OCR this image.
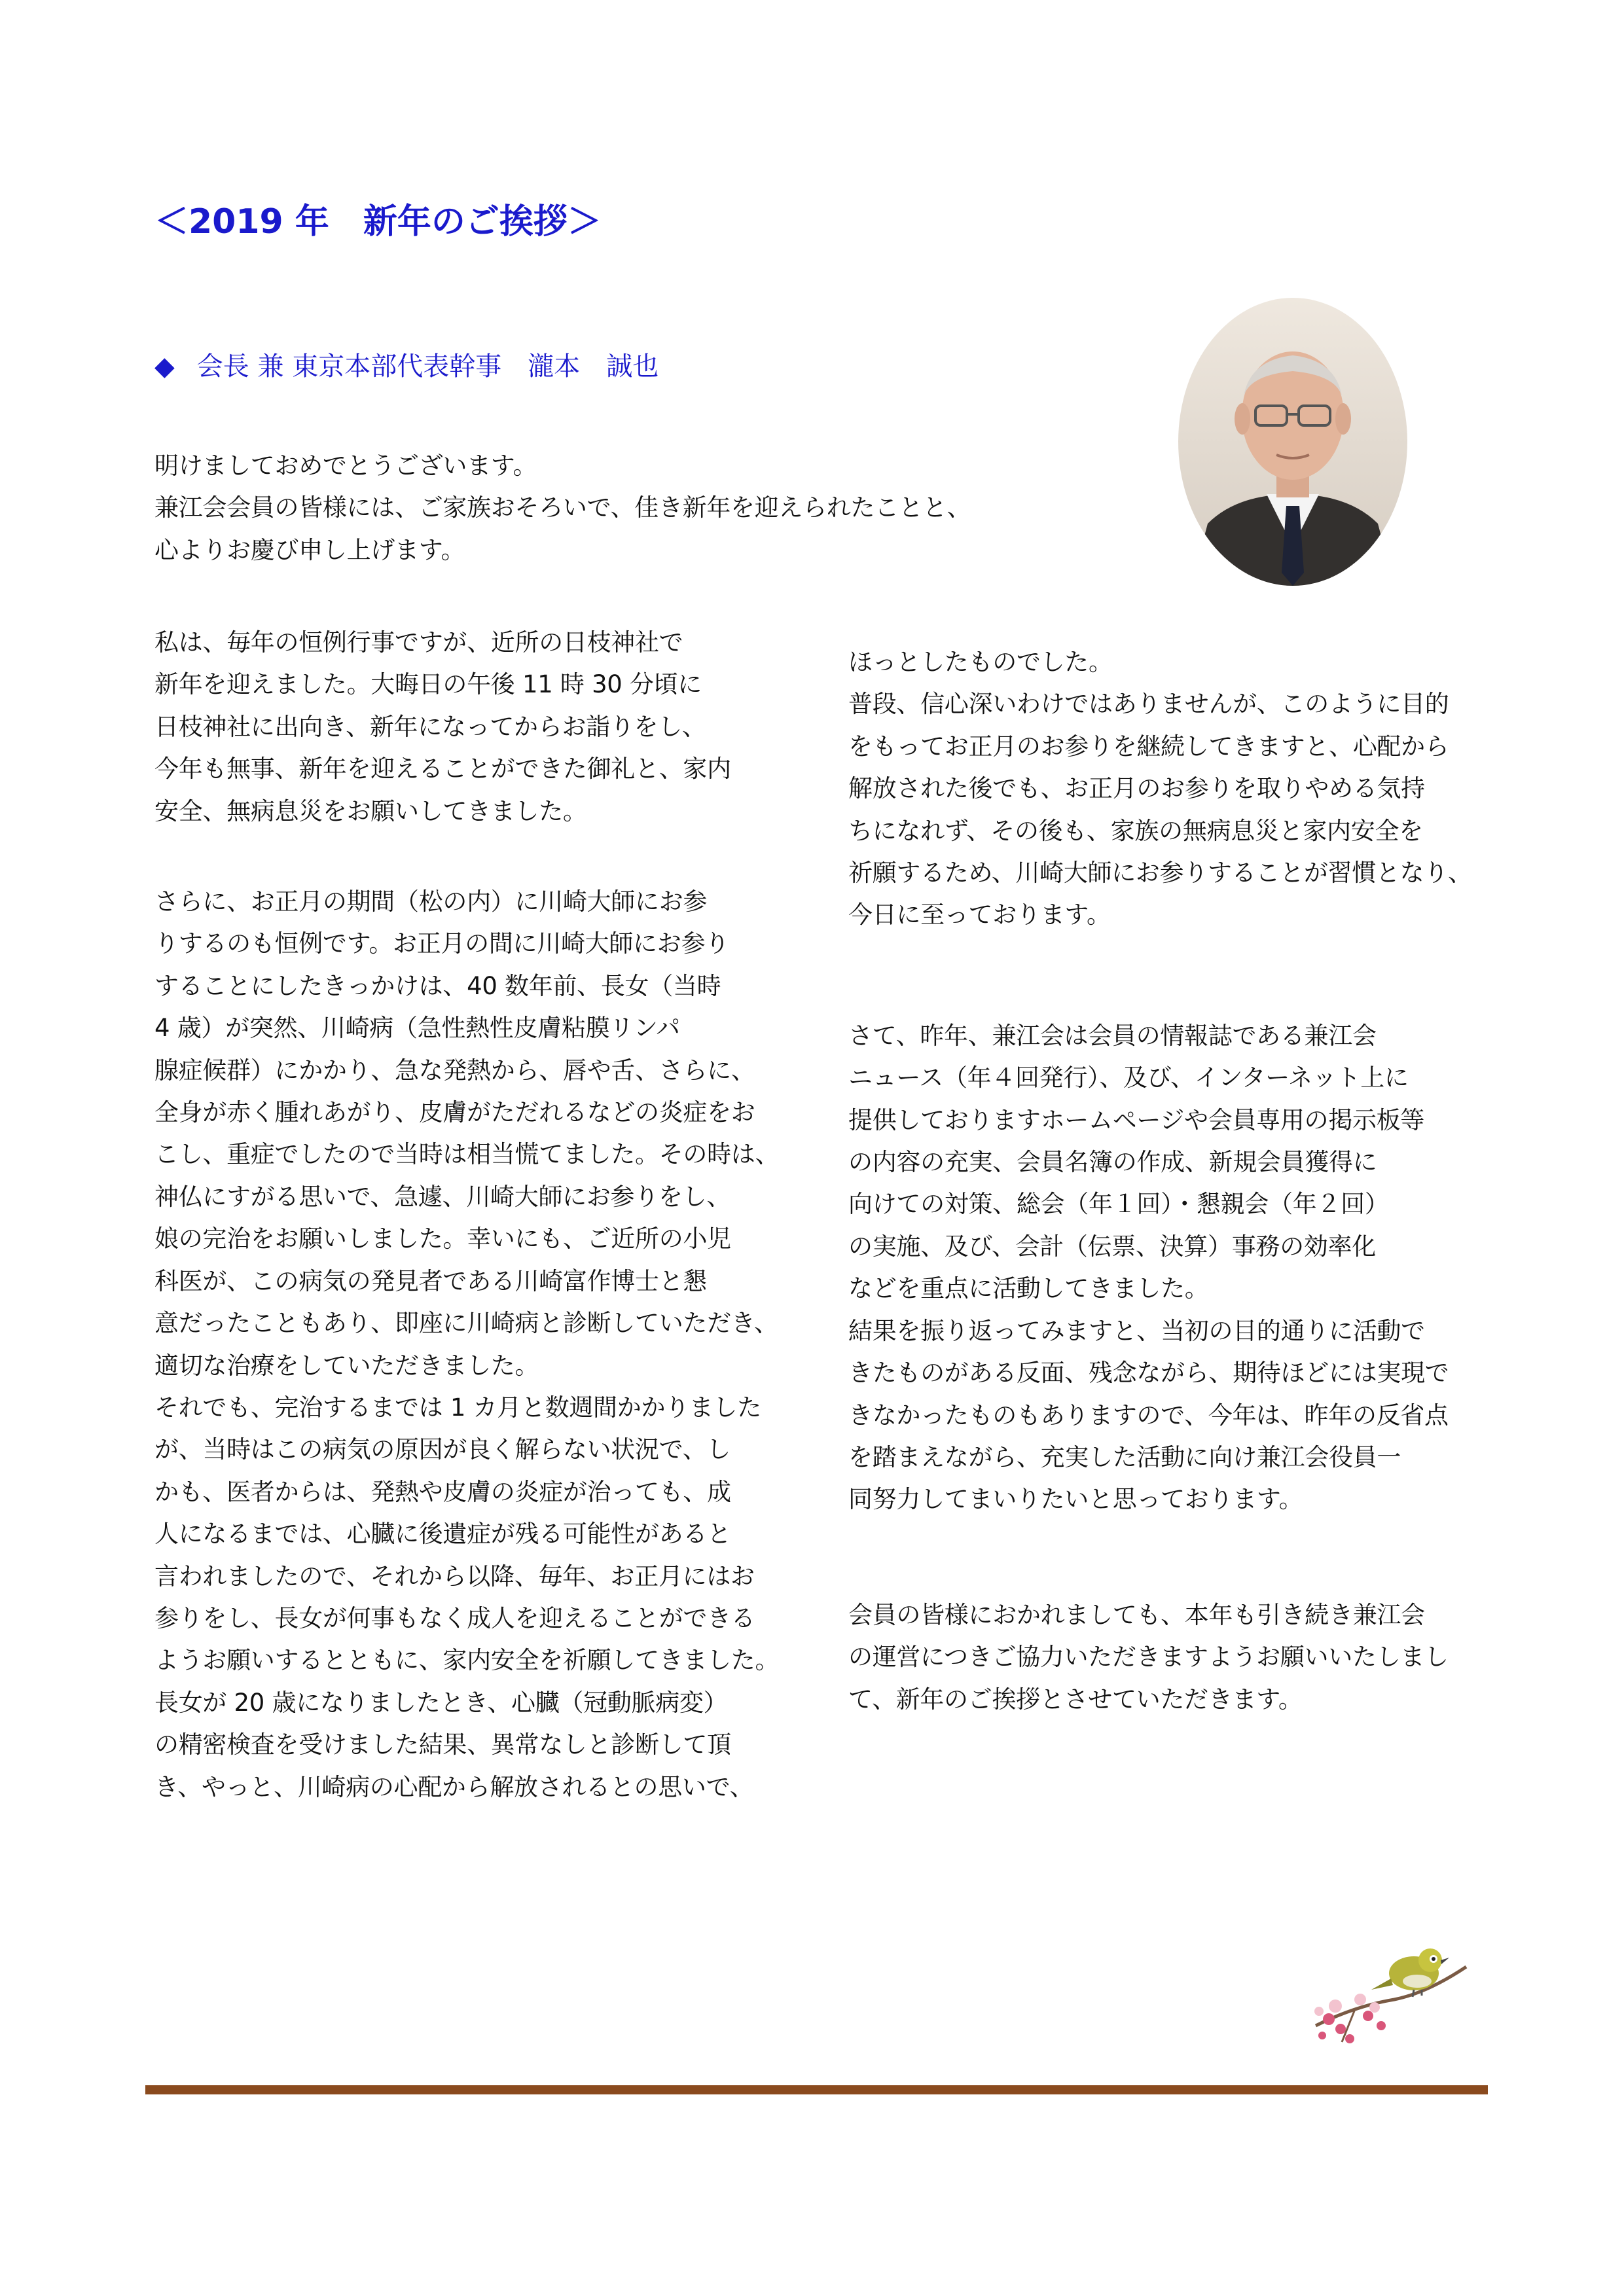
＜2019 年　新年のご挨拶＞
◆ 会長 兼 東京本部代表幹事　瀧本　誠也
明けましておめでとうございます。
兼江会会員の皆様には、ご家族おそろいで、佳き新年を迎えられたことと、
心よりお慶び申し上げます。

私は、毎年の恒例行事ですが、近所の日枝神社で
新年を迎えました。大晦日の午後 11 時 30 分頃に
日枝神社に出向き、新年になってからお詣りをし、
今年も無事、新年を迎えることができた御礼と、家内
安全、無病息災をお願いしてきました。

さらに、お正月の期間（松の内）に川崎大師にお参
りするのも恒例です。お正月の間に川崎大師にお参り
することにしたきっかけは、40 数年前、長女（当時
4 歳）が突然、川崎病（急性熱性皮膚粘膜リンパ
腺症候群）にかかり、急な発熱から、唇や舌、さらに、
全身が赤く腫れあがり、皮膚がただれるなどの炎症をお
こし、重症でしたので当時は相当慌てました。その時は、
神仏にすがる思いで、急遽、川崎大師にお参りをし、
娘の完治をお願いしました。幸いにも、ご近所の小児
科医が、この病気の発見者である川崎富作博士と懇
意だったこともあり、即座に川崎病と診断していただき、
適切な治療をしていただきました。
それでも、完治するまでは 1 カ月と数週間かかりました
が、当時はこの病気の原因が良く解らない状況で、し
かも、医者からは、発熱や皮膚の炎症が治っても、成
人になるまでは、心臓に後遺症が残る可能性があると
言われましたので、それから以降、毎年、お正月にはお
参りをし、長女が何事もなく成人を迎えることができる
ようお願いするとともに、家内安全を祈願してきました。
長女が 20 歳になりましたとき、心臓（冠動脈病変）
の精密検査を受けました結果、異常なしと診断して頂
き、やっと、川崎病の心配から解放されるとの思いで、

ほっとしたものでした。
普段、信心深いわけではありませんが、このように目的
をもってお正月のお参りを継続してきますと、心配から
解放された後でも、お正月のお参りを取りやめる気持
ちになれず、その後も、家族の無病息災と家内安全を
祈願するため、川崎大師にお参りすることが習慣となり、
今日に至っております。

さて、昨年、兼江会は会員の情報誌である兼江会
ニュース（年４回発行）、及び、インターネット上に
提供しておりますホームページや会員専用の掲示板等
の内容の充実、会員名簿の作成、新規会員獲得に
向けての対策、総会（年１回）・懇親会（年２回）
の実施、及び、会計（伝票、決算）事務の効率化
などを重点に活動してきました。
結果を振り返ってみますと、当初の目的通りに活動で
きたものがある反面、残念ながら、期待ほどには実現で
きなかったものもありますので、今年は、昨年の反省点
を踏まえながら、充実した活動に向け兼江会役員一
同努力してまいりたいと思っております。

会員の皆様におかれましても、本年も引き続き兼江会
の運営につきご協力いただきますようお願いいたしまし
て、新年のご挨拶とさせていただきます。
